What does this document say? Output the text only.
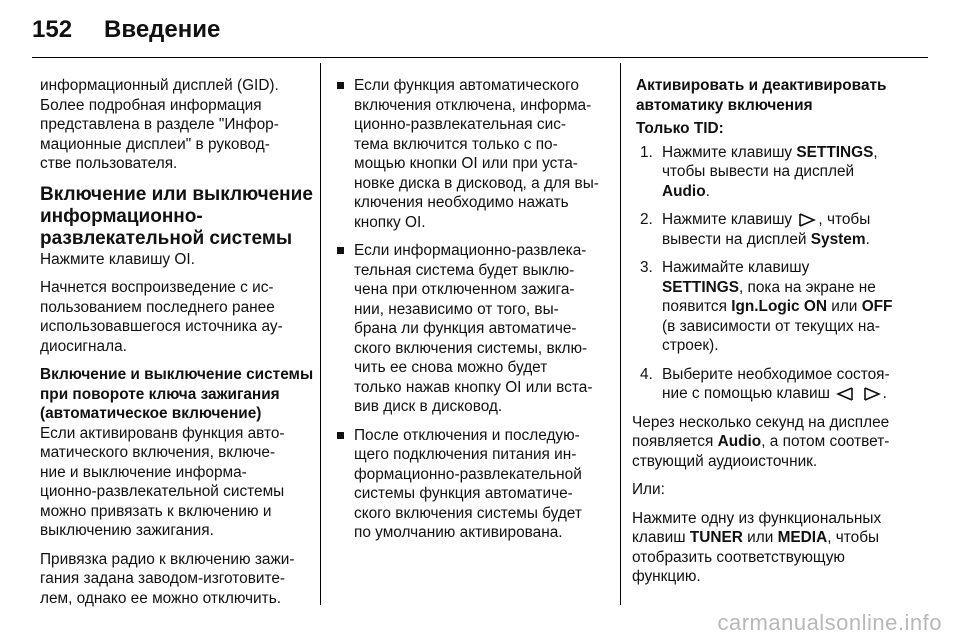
152 Введение

информационный дисплей (GID).
Более подробная информация
представлена в разделе "Инфор-
мационные дисплеи" в руковод-
стве пользователя.

Включение или выключение
информационно-
развлекательной системы

Нажмите клавишу OI.

Начнется воспроизведение с ис-
пользованием последнего ранее
использовавшегося источника ау-
диосигнала.

Включение и выключение системы
при повороте ключа зажигания
(автоматическое включение)

Если активированв функция авто-
матического включения, включе-
ние и выключение информа-
ционно-развлекательной системы
можно привязать к включению и
выключению зажигания.

Привязка радио к включению зажи-
гания задана заводом-изготовите-
лем, однако ее можно отключить.

Если функция автоматического
включения отключена, информа-
ционно-развлекательная сис-
тема включится только с по-
мощью кнопки OI или при уста-
новке диска в дисковод, а для вы-
ключения необходимо нажать
кнопку OI.
Если информационно-развлека-
тельная система будет выклю-
чена при отключенном зажига-
нии, независимо от того, вы-
брана ли функция автоматиче-
ского включения системы, вклю-
чить ее снова можно будет
только нажав кнопку OI или вста-
вив диск в дисковод.
После отключения и последую-
щего подключения питания ин-
формационно-развлекательной
системы функция автоматиче-
ского включения системы будет
по умолчанию активирована.
Активировать и деактивировать
автоматику включения

Только TID:

1. Нажмите клавишу SETTINGS,
чтобы вывести на дисплей
Audio.
2. Нажмите клавишу , чтобы
вывести на дисплей System.
3. Нажимайте клавишу
SETTINGS, пока на экране не
появится Ign.Logic ON или OFF
(в зависимости от текущих на-
строек).
4. Выберите необходимое состоя-
ние с помощью клавиш	.

Через несколько секунд на дисплее
появляется Audio, а потом соответ-
ствующий аудиоисточник.

Или:

Нажмите одну из функциональных
клавиш TUNER или MEDIA, чтобы
отобразить соответствующую
функцию.

carmanualsonline.info
